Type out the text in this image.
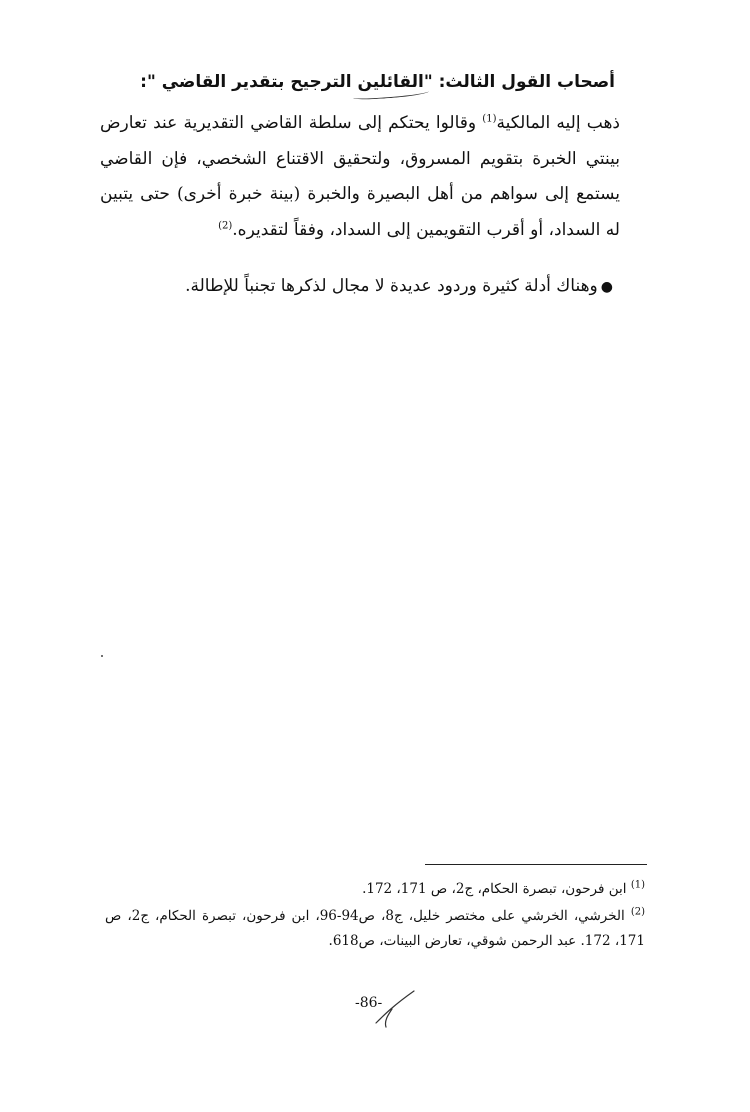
أصحاب القول الثالث: "القائلين الترجيح بتقدير القاضي ":
ذهب إليه المالكية$^{(1)}$ وقالوا يحتكم إلى سلطة القاضي التقديرية عند تعارض بينتي الخبرة بتقويم المسروق، ولتحقيق الاقتناع الشخصي، فإن القاضي يستمع إلى سواهم من أهل البصيرة والخبرة (بينة خبرة أخرى) حتى يتبين له السداد، أو أقرب التقويمين إلى السداد، وفقاً لتقديره.$^{(2)}$
●وهناك أدلة كثيرة وردود عديدة لا مجال لذكرها تجنباً للإطالة.
$^{(1)}$ ابن فرحون، تبصرة الحكام، ج2، ص 171، 172.
$^{(2)}$ الخرشي، الخرشي على مختصر خليل، ج8، ص94-96، ابن فرحون، تبصرة الحكام، ج2، ص 171، 172. عبد الرحمن شوقي، تعارض البينات، ص618.
-86-
